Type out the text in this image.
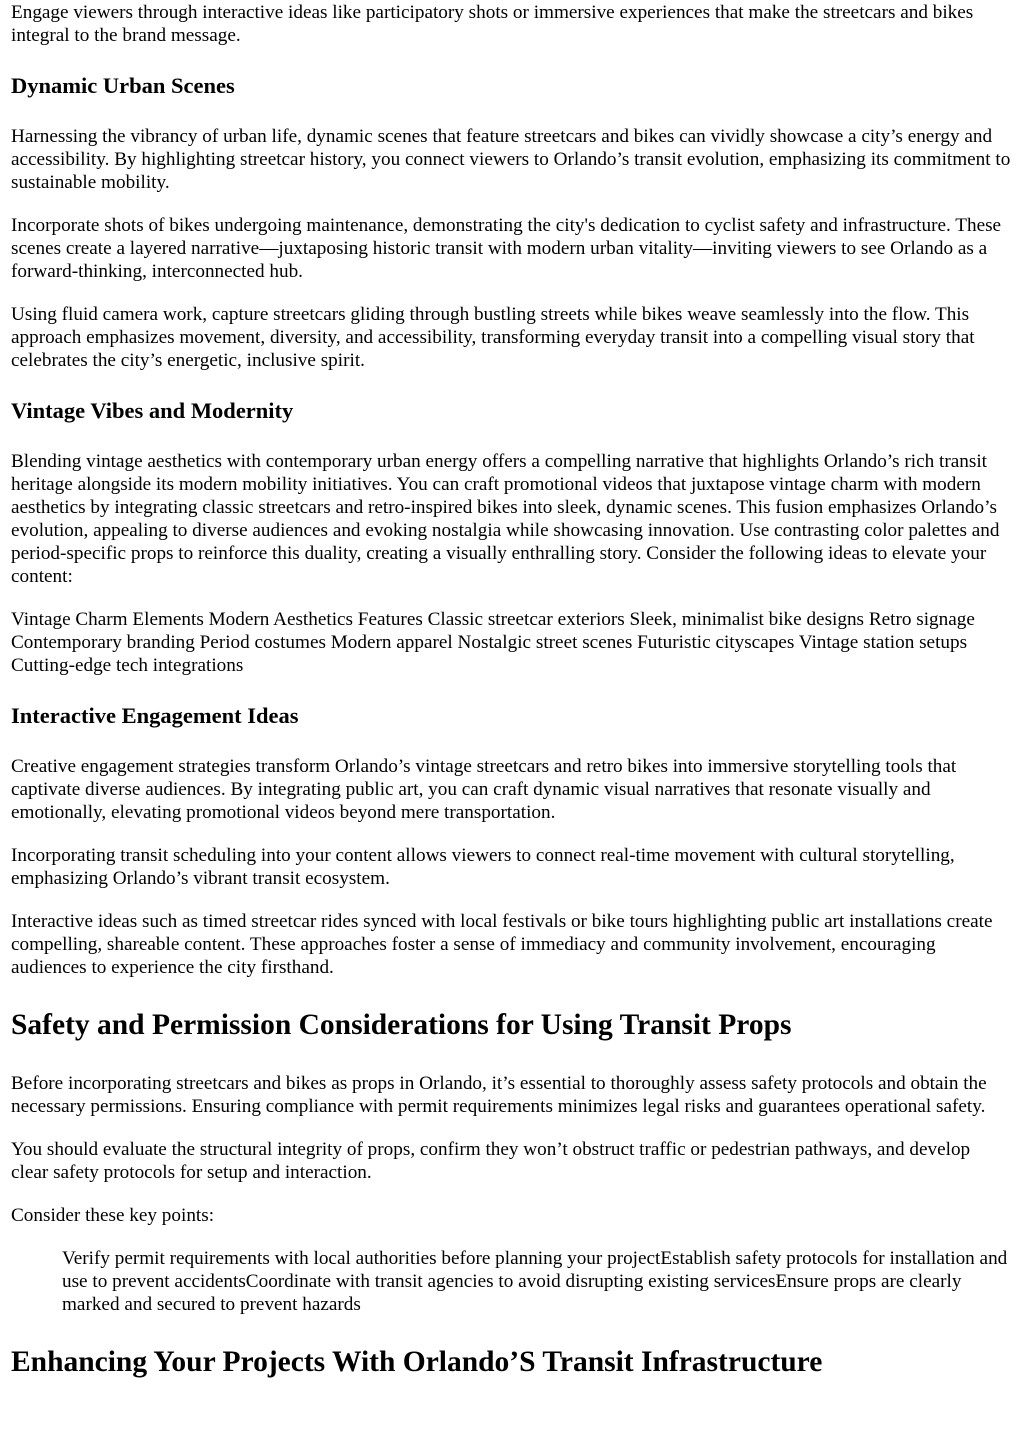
Engage viewers through interactive ideas like participatory shots or immersive experiences that make the streetcars and bikes integral to the brand message.

Dynamic Urban Scenes

Harnessing the vibrancy of urban life, dynamic scenes that feature streetcars and bikes can vividly showcase a city’s energy and accessibility. By highlighting streetcar history, you connect viewers to Orlando’s transit evolution, emphasizing its commitment to sustainable mobility.

Incorporate shots of bikes undergoing maintenance, demonstrating the city's dedication to cyclist safety and infrastructure. These scenes create a layered narrative—juxtaposing historic transit with modern urban vitality—inviting viewers to see Orlando as a forward-thinking, interconnected hub.

Using fluid camera work, capture streetcars gliding through bustling streets while bikes weave seamlessly into the flow. This approach emphasizes movement, diversity, and accessibility, transforming everyday transit into a compelling visual story that celebrates the city’s energetic, inclusive spirit.

Vintage Vibes and Modernity

Blending vintage aesthetics with contemporary urban energy offers a compelling narrative that highlights Orlando’s rich transit heritage alongside its modern mobility initiatives. You can craft promotional videos that juxtapose vintage charm with modern aesthetics by integrating classic streetcars and retro-inspired bikes into sleek, dynamic scenes. This fusion emphasizes Orlando’s evolution, appealing to diverse audiences and evoking nostalgia while showcasing innovation. Use contrasting color palettes and period-specific props to reinforce this duality, creating a visually enthralling story. Consider the following ideas to elevate your content:

Vintage Charm Elements Modern Aesthetics Features Classic streetcar exteriors Sleek, minimalist bike designs Retro signage Contemporary branding Period costumes Modern apparel Nostalgic street scenes Futuristic cityscapes Vintage station setups Cutting-edge tech integrations

Interactive Engagement Ideas

Creative engagement strategies transform Orlando’s vintage streetcars and retro bikes into immersive storytelling tools that captivate diverse audiences. By integrating public art, you can craft dynamic visual narratives that resonate visually and emotionally, elevating promotional videos beyond mere transportation.

Incorporating transit scheduling into your content allows viewers to connect real-time movement with cultural storytelling, emphasizing Orlando’s vibrant transit ecosystem.

Interactive ideas such as timed streetcar rides synced with local festivals or bike tours highlighting public art installations create compelling, shareable content. These approaches foster a sense of immediacy and community involvement, encouraging audiences to experience the city firsthand.

Safety and Permission Considerations for Using Transit Props

Before incorporating streetcars and bikes as props in Orlando, it’s essential to thoroughly assess safety protocols and obtain the necessary permissions. Ensuring compliance with permit requirements minimizes legal risks and guarantees operational safety.

You should evaluate the structural integrity of props, confirm they won’t obstruct traffic or pedestrian pathways, and develop clear safety protocols for setup and interaction.

Consider these key points:

Verify permit requirements with local authorities before planning your projectEstablish safety protocols for installation and use to prevent accidentsCoordinate with transit agencies to avoid disrupting existing servicesEnsure props are clearly marked and secured to prevent hazards
Enhancing Your Projects With Orlando’S Transit Infrastructure
